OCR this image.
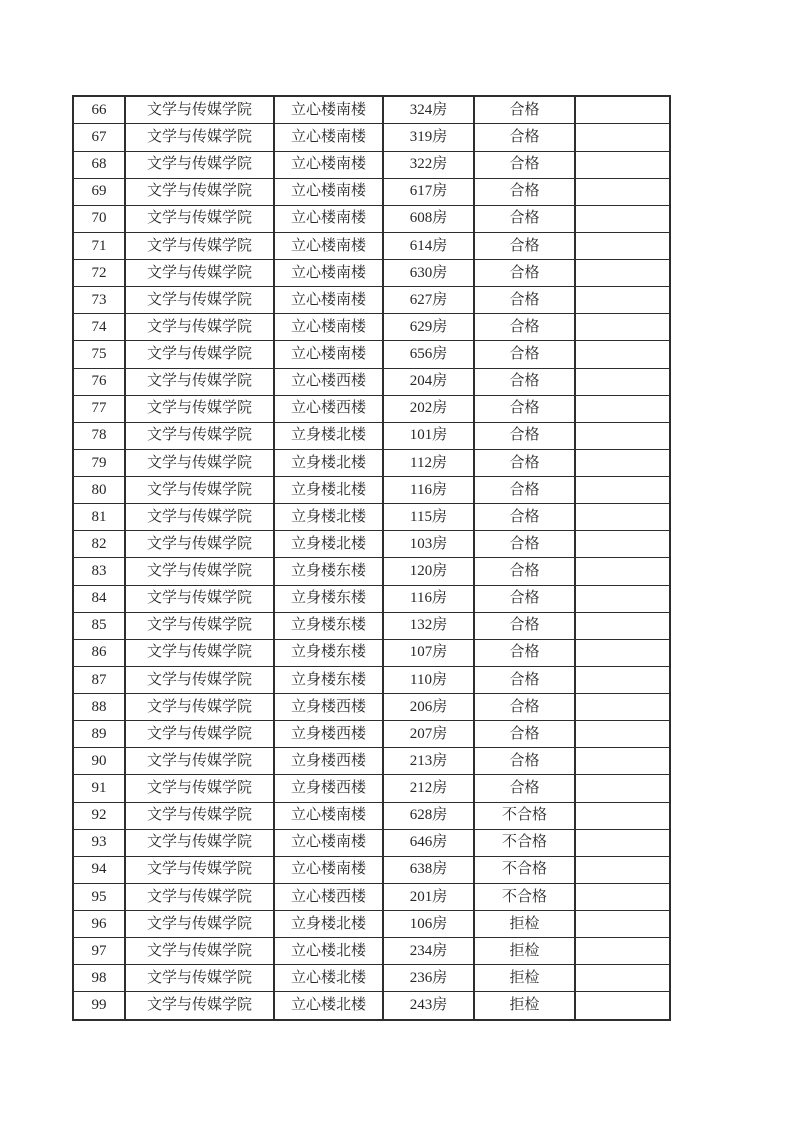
66	文学与传媒学院	立心楼南楼	324房	合格	
67	文学与传媒学院	立心楼南楼	319房	合格	
68	文学与传媒学院	立心楼南楼	322房	合格	
69	文学与传媒学院	立心楼南楼	617房	合格	
70	文学与传媒学院	立心楼南楼	608房	合格	
71	文学与传媒学院	立心楼南楼	614房	合格	
72	文学与传媒学院	立心楼南楼	630房	合格	
73	文学与传媒学院	立心楼南楼	627房	合格	
74	文学与传媒学院	立心楼南楼	629房	合格	
75	文学与传媒学院	立心楼南楼	656房	合格	
76	文学与传媒学院	立心楼西楼	204房	合格	
77	文学与传媒学院	立心楼西楼	202房	合格	
78	文学与传媒学院	立身楼北楼	101房	合格	
79	文学与传媒学院	立身楼北楼	112房	合格	
80	文学与传媒学院	立身楼北楼	116房	合格	
81	文学与传媒学院	立身楼北楼	115房	合格	
82	文学与传媒学院	立身楼北楼	103房	合格	
83	文学与传媒学院	立身楼东楼	120房	合格	
84	文学与传媒学院	立身楼东楼	116房	合格	
85	文学与传媒学院	立身楼东楼	132房	合格	
86	文学与传媒学院	立身楼东楼	107房	合格	
87	文学与传媒学院	立身楼东楼	110房	合格	
88	文学与传媒学院	立身楼西楼	206房	合格	
89	文学与传媒学院	立身楼西楼	207房	合格	
90	文学与传媒学院	立身楼西楼	213房	合格	
91	文学与传媒学院	立身楼西楼	212房	合格	
92	文学与传媒学院	立心楼南楼	628房	不合格	
93	文学与传媒学院	立心楼南楼	646房	不合格	
94	文学与传媒学院	立心楼南楼	638房	不合格	
95	文学与传媒学院	立心楼西楼	201房	不合格	
96	文学与传媒学院	立身楼北楼	106房	拒检	
97	文学与传媒学院	立心楼北楼	234房	拒检	
98	文学与传媒学院	立心楼北楼	236房	拒检	
99	文学与传媒学院	立心楼北楼	243房	拒检	
